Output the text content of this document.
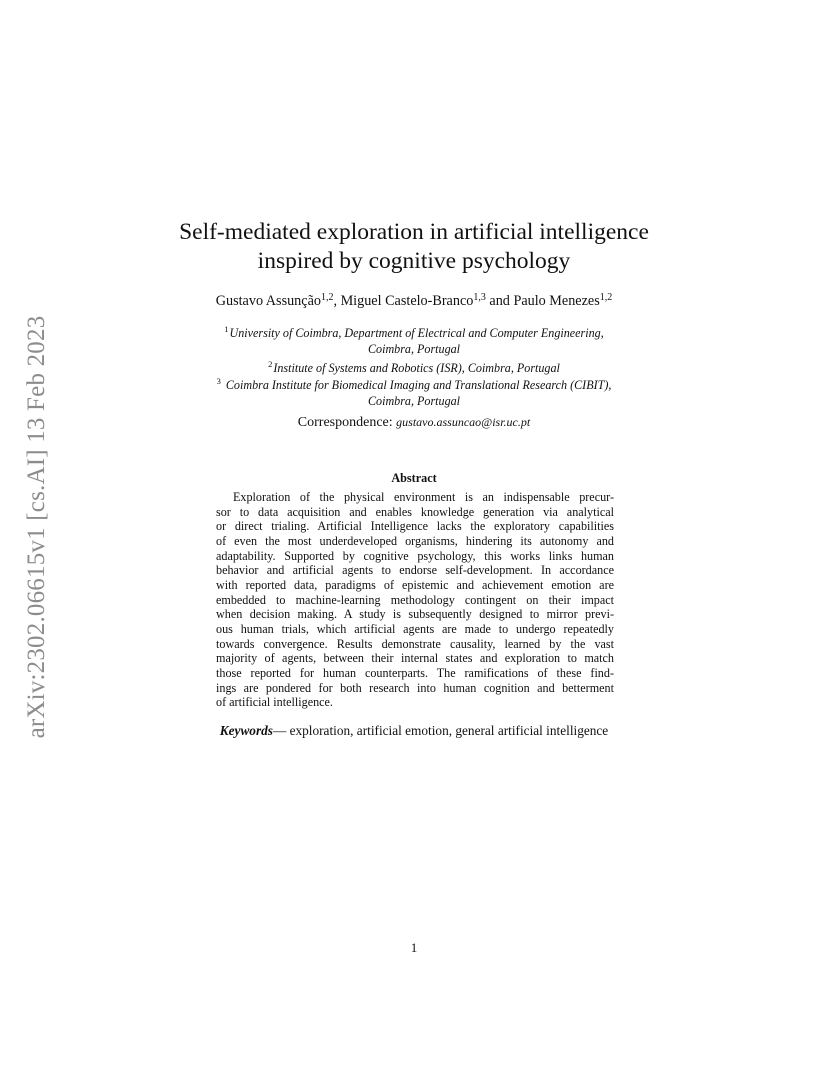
arXiv:2302.06615v1 [cs.AI] 13 Feb 2023
Self-mediated exploration in artificial intelligence
inspired by cognitive psychology
Gustavo Assunção$^{1,2}$, Miguel Castelo-Branco$^{1,3}$ and Paulo Menezes$^{1,2}$
$^1$University of Coimbra, Department of Electrical and Computer Engineering,
Coimbra, Portugal
$^2$Institute of Systems and Robotics (ISR), Coimbra, Portugal
$^3$ Coimbra Institute for Biomedical Imaging and Translational Research (CIBIT),
Coimbra, Portugal
Correspondence: gustavo.assuncao@isr.uc.pt
Abstract
Exploration of the physical environment is an indispensable precur-
sor to data acquisition and enables knowledge generation via analytical
or direct trialing. Artificial Intelligence lacks the exploratory capabilities
of even the most underdeveloped organisms, hindering its autonomy and
adaptability. Supported by cognitive psychology, this works links human
behavior and artificial agents to endorse self-development. In accordance
with reported data, paradigms of epistemic and achievement emotion are
embedded to machine-learning methodology contingent on their impact
when decision making. A study is subsequently designed to mirror previ-
ous human trials, which artificial agents are made to undergo repeatedly
towards convergence. Results demonstrate causality, learned by the vast
majority of agents, between their internal states and exploration to match
those reported for human counterparts. The ramifications of these find-
ings are pondered for both research into human cognition and betterment
of artificial intelligence.
Keywords— exploration, artificial emotion, general artificial intelligence
1
